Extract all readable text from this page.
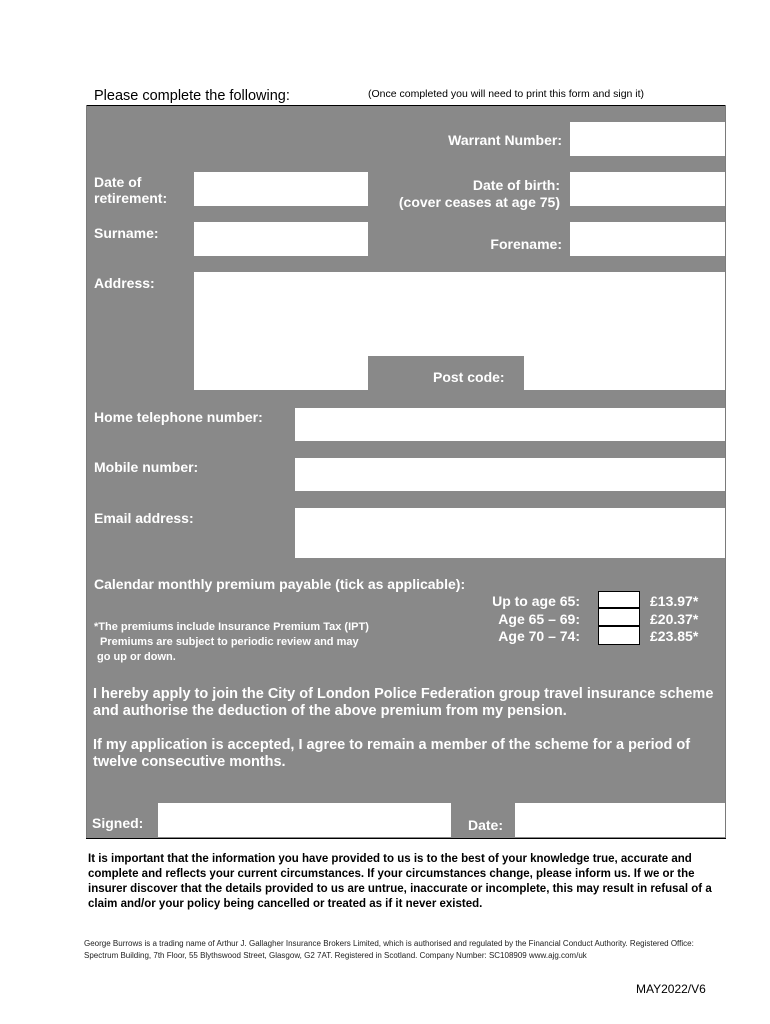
Please complete the following:	(Once completed you will need to print this form and sign it)
Warrant Number:
Date of
retirement:
Date of birth:
(cover ceases at age 75)
Surname:
Forename:
Address:
Post code:
Home telephone number:
Mobile number:
Email address:
Calendar monthly premium payable (tick as applicable):
Up to age 65:
Age 65 – 69:
Age 70 – 74:
£13.97*
£20.37*
£23.85*
*The premiums include Insurance Premium Tax (IPT)
Premiums are subject to periodic review and may
go up or down.
I hereby apply to join the City of London Police Federation group travel insurance scheme and authorise the deduction of the above premium from my pension.
If my application is accepted, I agree to remain a member of the scheme for a period of twelve consecutive months.
Signed:	Date:
It is important that the information you have provided to us is to the best of your knowledge true, accurate and complete and reflects your current circumstances. If your circumstances change, please inform us. If we or the insurer discover that the details provided to us are untrue, inaccurate or incomplete, this may result in refusal of a claim and/or your policy being cancelled or treated as if it never existed.
George Burrows is a trading name of Arthur J. Gallagher Insurance Brokers Limited, which is authorised and regulated by the Financial Conduct Authority. Registered Office: Spectrum Building, 7th Floor, 55 Blythswood Street, Glasgow, G2 7AT. Registered in Scotland. Company Number: SC108909 www.ajg.com/uk
MAY2022/V6
